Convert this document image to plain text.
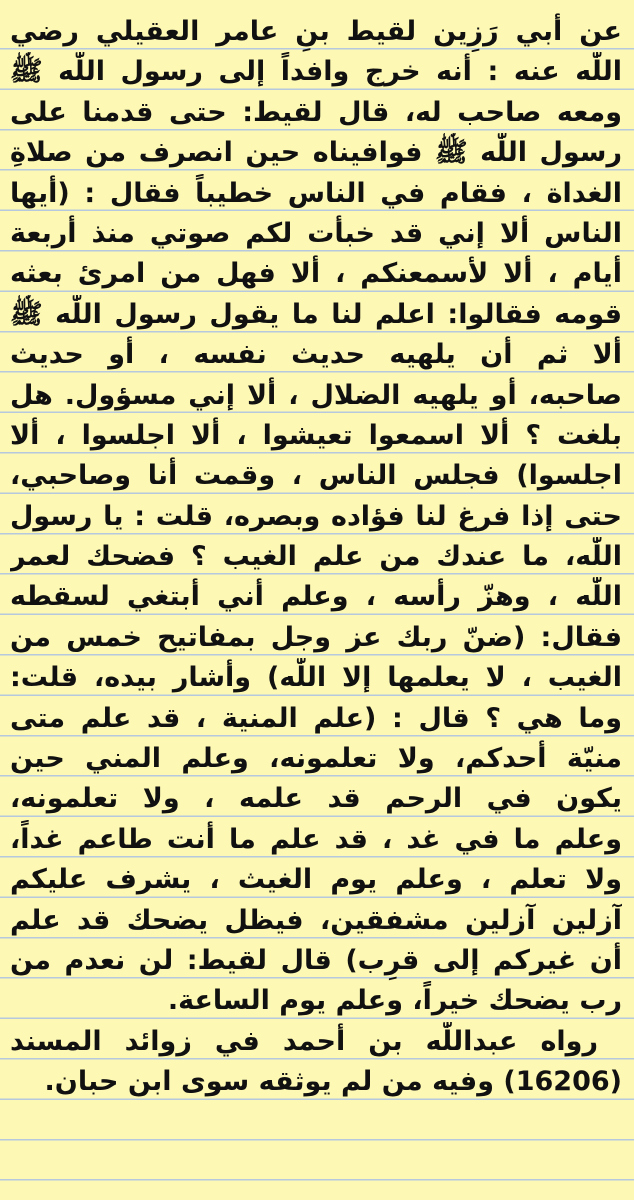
عن أبي رَزِين لقيط بنِ عامر العقيلي رضي
اللّٰه عنه : أنه خرج وافداً إلى رسول اللّٰه ﷺ
ومعه صاحب له، قال لقيط: حتى قدمنا على
رسول اللّٰه ﷺ فوافيناه حين انصرف من صلاةِ
الغداة ، فقام في الناس خطيباً فقال : (أيها
الناس ألا إني قد خبأت لكم صوتي منذ أربعة
أيام ، ألا لأسمعنكم ، ألا فهل من امرئ بعثه
قومه فقالوا: اعلم لنا ما يقول رسول اللّٰه ﷺ
ألا ثم أن يلهيه حديث نفسه ، أو حديث
صاحبه، أو يلهيه الضلال ، ألا إني مسؤول. هل
بلغت ؟ ألا اسمعوا تعيشوا ، ألا اجلسوا ، ألا
اجلسوا) فجلس الناس ، وقمت أنا وصاحبي،
حتى إذا فرغ لنا فؤاده وبصره، قلت : يا رسول
اللّٰه، ما عندك من علم الغيب ؟ فضحك لعمر
اللّٰه ، وهزّ رأسه ، وعلم أني أبتغي لسقطه
فقال: (ضنّ ربك عز وجل بمفاتيح خمس من
الغيب ، لا يعلمها إلا اللّٰه) وأشار بيده، قلت:
وما هي ؟ قال : (علم المنية ، قد علم متى
منيّة أحدكم، ولا تعلمونه، وعلم المني حين
يكون في الرحم قد علمه ، ولا تعلمونه،
وعلم ما في غد ، قد علم ما أنت طاعم غداً،
ولا تعلم ، وعلم يوم الغيث ، يشرف عليكم
آزلين آزلين مشفقين، فيظل يضحك قد علم
أن غيركم إلى قرِب) قال لقيط: لن نعدم من
رب يضحك خيراً، وعلم يوم الساعة.
رواه عبداللّٰه بن أحمد في زوائد المسند
(16206) وفيه من لم يوثقه سوى ابن حبان.
